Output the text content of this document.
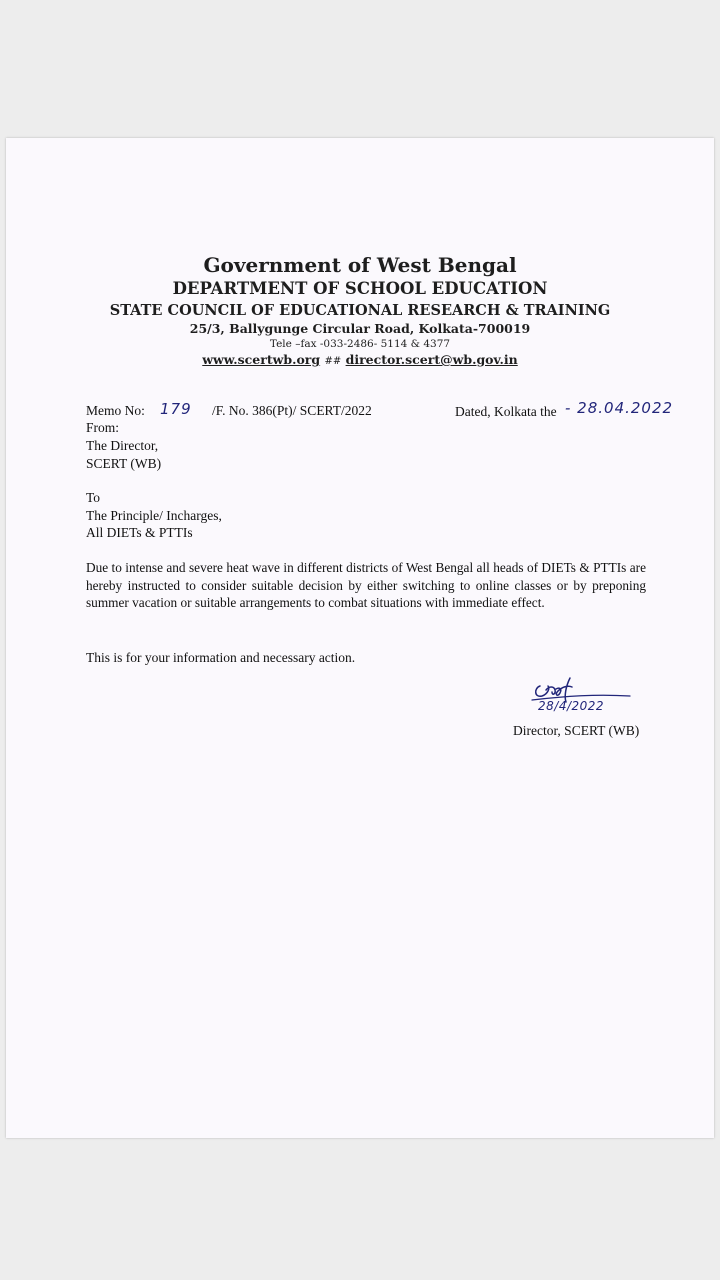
Government of West Bengal
DEPARTMENT OF SCHOOL EDUCATION
STATE COUNCIL OF EDUCATIONAL RESEARCH & TRAINING
25/3, Ballygunge Circular Road, Kolkata-700019
Tele –fax -033-2486- 5114 & 4377
www.scertwb.org ## director.scert@wb.gov.in
Memo No: 179 /F. No. 386(Pt)/ SCERT/2022	Dated, Kolkata the - 28.04.2022
From:
The Director,
SCERT (WB)
To
The Principle/ Incharges,
All DIETs & PTTIs
Due to intense and severe heat wave in different districts of West Bengal all heads of DIETs & PTTIs are hereby instructed to consider suitable decision by either switching to online classes or by preponing summer vacation or suitable arrangements to combat situations with immediate effect.
This is for your information and necessary action.
28/4/2022
Director, SCERT (WB)
